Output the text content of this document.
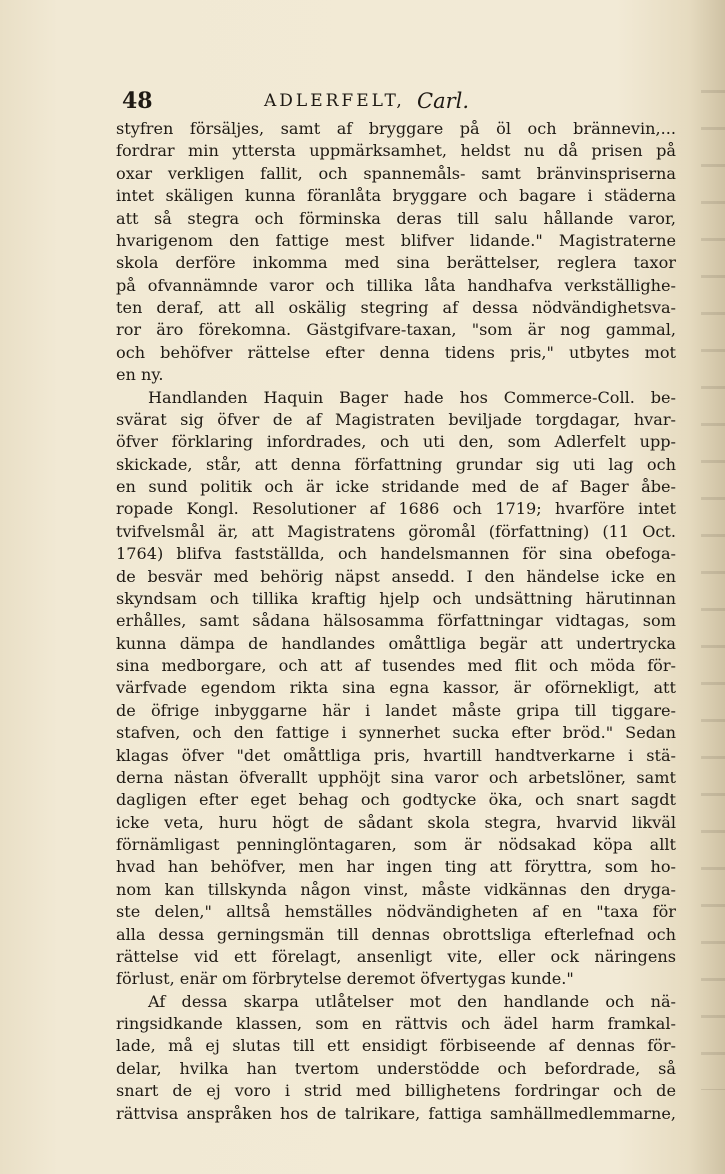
48	ADLERFELT, Carl.
styfren försäljes, samt af bryggare på öl och brännevin,...
fordrar min yttersta uppmärksamhet, heldst nu då prisen på
oxar verkligen fallit, och spannemåls- samt bränvinspriserna
intet skäligen kunna föranlåta bryggare och bagare i städerna
att så stegra och förminska deras till salu hållande varor,
hvarigenom den fattige mest blifver lidande." Magistraterne
skola derföre inkomma med sina berättelser, reglera taxor
på ofvannämnde varor och tillika låta handhafva verkställighe-
ten deraf, att all oskälig stegring af dessa nödvändighetsva-
ror äro förekomna. Gästgifvare-taxan, "som är nog gammal,
och behöfver rättelse efter denna tidens pris," utbytes mot
en ny.
Handlanden Haquin Bager hade hos Commerce-Coll. be-
svärat sig öfver de af Magistraten beviljade torgdagar, hvar-
öfver förklaring infordrades, och uti den, som Adlerfelt upp-
skickade, står, att denna författning grundar sig uti lag och
en sund politik och är icke stridande med de af Bager åbe-
ropade Kongl. Resolutioner af 1686 och 1719; hvarföre intet
tvifvelsmål är, att Magistratens göromål (författning) (11 Oct.
1764) blifva fastställda, och handelsmannen för sina obefoga-
de besvär med behörig näpst ansedd. I den händelse icke en
skyndsam och tillika kraftig hjelp och undsättning härutinnan
erhålles, samt sådana hälsosamma författningar vidtagas, som
kunna dämpa de handlandes omåttliga begär att undertrycka
sina medborgare, och att af tusendes med flit och möda för-
värfvade egendom rikta sina egna kassor, är oförnekligt, att
de öfrige inbyggarne här i landet måste gripa till tiggare-
stafven, och den fattige i synnerhet sucka efter bröd." Sedan
klagas öfver "det omåttliga pris, hvartill handtverkarne i stä-
derna nästan öfverallt upphöjt sina varor och arbetslöner, samt
dagligen efter eget behag och godtycke öka, och snart sagdt
icke veta, huru högt de sådant skola stegra, hvarvid likväl
förnämligast penninglöntagaren, som är nödsakad köpa allt
hvad han behöfver, men har ingen ting att föryttra, som ho-
nom kan tillskynda någon vinst, måste vidkännas den dryga-
ste delen," alltså hemställes nödvändigheten af en "taxa för
alla dessa gerningsmän till dennas obrottsliga efterlefnad och
rättelse vid ett förelagt, ansenligt vite, eller ock näringens
förlust, enär om förbrytelse deremot öfvertygas kunde."
Af dessa skarpa utlåtelser mot den handlande och nä-
ringsidkande klassen, som en rättvis och ädel harm framkal-
lade, må ej slutas till ett ensidigt förbiseende af dennas för-
delar, hvilka han tvertom understödde och befordrade, så
snart de ej voro i strid med billighetens fordringar och de
rättvisa anspråken hos de talrikare, fattiga samhällmedlemmarne,
